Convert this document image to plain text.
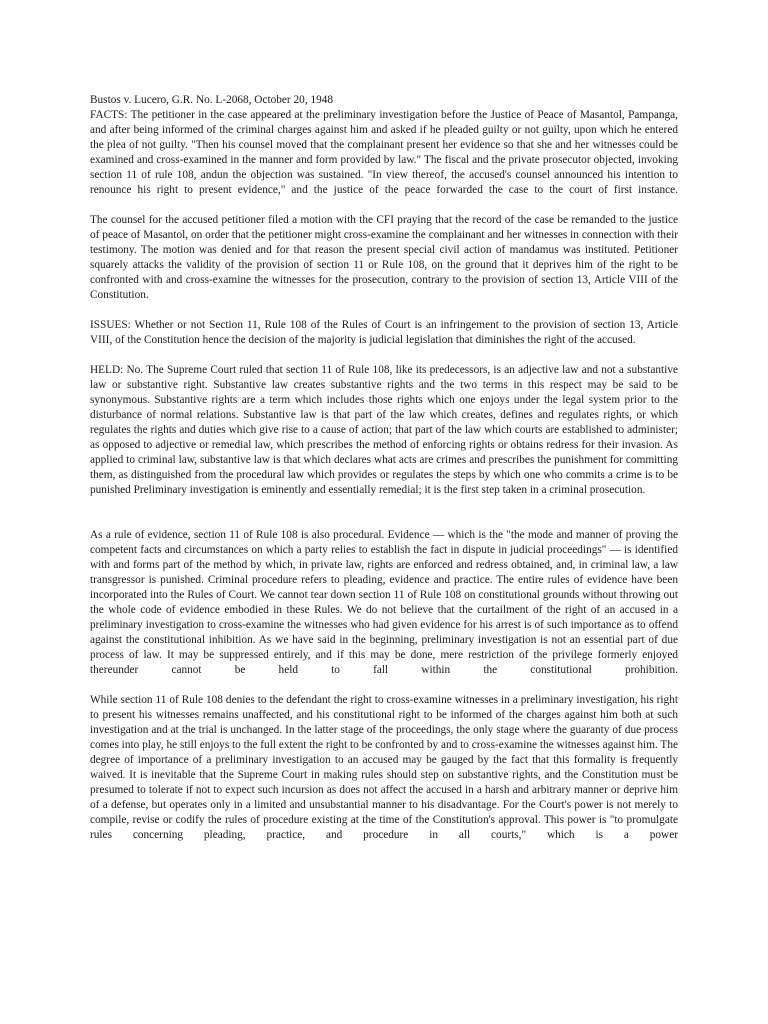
Bustos v. Lucero, G.R. No. L-2068, October 20, 1948

FACTS: The petitioner in the case appeared at the preliminary investigation before the Justice of Peace of Masantol, Pampanga, and after being informed of the criminal charges against him and asked if he pleaded guilty or not guilty, upon which he entered the plea of not guilty. "Then his counsel moved that the complainant present her evidence so that she and her witnesses could be examined and cross-examined in the manner and form provided by law." The fiscal and the private prosecutor objected, invoking section 11 of rule 108, andun the objection was sustained. "In view thereof, the accused's counsel announced his intention to renounce his right to present evidence," and the justice of the peace forwarded the case to the court of first instance.

The counsel for the accused petitioner filed a motion with the CFI praying that the record of the case be remanded to the justice of peace of Masantol, on order that the petitioner might cross-examine the complainant and her witnesses in connection with their testimony. The motion was denied and for that reason the present special civil action of mandamus was instituted. Petitioner squarely attacks the validity of the provision of section 11 or Rule 108, on the ground that it deprives him of the right to be confronted with and cross-examine the witnesses for the prosecution, contrary to the provision of section 13, Article VIII of the Constitution.

ISSUES: Whether or not Section 11, Rule 108 of the Rules of Court is an infringement to the provision of section 13, Article VIII, of the Constitution hence the decision of the majority is judicial legislation that diminishes the right of the accused.

HELD: No. The Supreme Court ruled that section 11 of Rule 108, like its predecessors, is an adjective law and not a substantive law or substantive right. Substantive law creates substantive rights and the two terms in this respect may be said to be synonymous. Substantive rights are a term which includes those rights which one enjoys under the legal system prior to the disturbance of normal relations. Substantive law is that part of the law which creates, defines and regulates rights, or which regulates the rights and duties which give rise to a cause of action; that part of the law which courts are established to administer; as opposed to adjective or remedial law, which prescribes the method of enforcing rights or obtains redress for their invasion. As applied to criminal law, substantive law is that which declares what acts are crimes and prescribes the punishment for committing them, as distinguished from the procedural law which provides or regulates the steps by which one who commits a crime is to be punished Preliminary investigation is eminently and essentially remedial; it is the first step taken in a criminal prosecution.

As a rule of evidence, section 11 of Rule 108 is also procedural. Evidence — which is the "the mode and manner of proving the competent facts and circumstances on which a party relies to establish the fact in dispute in judicial proceedings" — is identified with and forms part of the method by which, in private law, rights are enforced and redress obtained, and, in criminal law, a law transgressor is punished. Criminal procedure refers to pleading, evidence and practice. The entire rules of evidence have been incorporated into the Rules of Court. We cannot tear down section 11 of Rule 108 on constitutional grounds without throwing out the whole code of evidence embodied in these Rules. We do not believe that the curtailment of the right of an accused in a preliminary investigation to cross-examine the witnesses who had given evidence for his arrest is of such importance as to offend against the constitutional inhibition. As we have said in the beginning, preliminary investigation is not an essential part of due process of law. It may be suppressed entirely, and if this may be done, mere restriction of the privilege formerly enjoyed thereunder cannot be held to fall within the constitutional prohibition.

While section 11 of Rule 108 denies to the defendant the right to cross-examine witnesses in a preliminary investigation, his right to present his witnesses remains unaffected, and his constitutional right to be informed of the charges against him both at such investigation and at the trial is unchanged. In the latter stage of the proceedings, the only stage where the guaranty of due process comes into play, he still enjoys to the full extent the right to be confronted by and to cross-examine the witnesses against him. The degree of importance of a preliminary investigation to an accused may be gauged by the fact that this formality is frequently waived. It is inevitable that the Supreme Court in making rules should step on substantive rights, and the Constitution must be presumed to tolerate if not to expect such incursion as does not affect the accused in a harsh and arbitrary manner or deprive him of a defense, but operates only in a limited and unsubstantial manner to his disadvantage. For the Court's power is not merely to compile, revise or codify the rules of procedure existing at the time of the Constitution's approval. This power is "to promulgate rules concerning pleading, practice, and procedure in all courts," which is a power
